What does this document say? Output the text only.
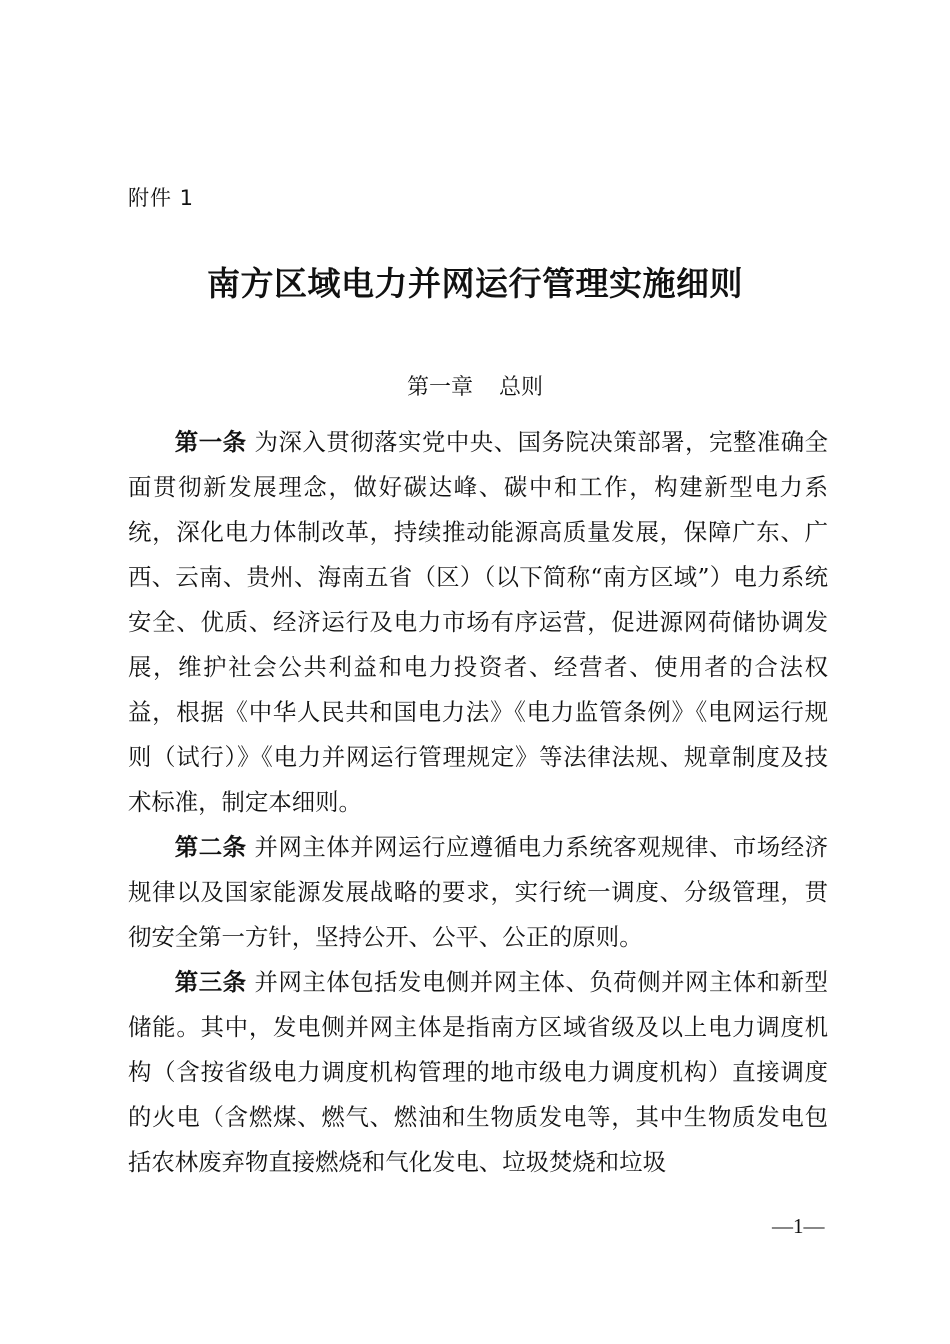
附件 1
南方区域电力并网运行管理实施细则
第一章 总则

第一条 为深入贯彻落实党中央、国务院决策部署，完整准确全面贯彻新发展理念，做好碳达峰、碳中和工作，构建新型电力系统，深化电力体制改革，持续推动能源高质量发展，保障广东、广西、云南、贵州、海南五省（区）（以下简称“南方区域”）电力系统安全、优质、经济运行及电力市场有序运营，促进源网荷储协调发展，维护社会公共利益和电力投资者、经营者、使用者的合法权益，根据《中华人民共和国电力法》《电力监管条例》《电网运行规则（试行）》《电力并网运行管理规定》等法律法规、规章制度及技术标准，制定本细则。

第二条 并网主体并网运行应遵循电力系统客观规律、市场经济规律以及国家能源发展战略的要求，实行统一调度、分级管理，贯彻安全第一方针，坚持公开、公平、公正的原则。

第三条 并网主体包括发电侧并网主体、负荷侧并网主体和新型储能。其中，发电侧并网主体是指南方区域省级及以上电力调度机构（含按省级电力调度机构管理的地市级电力调度机构）直接调度的火电（含燃煤、燃气、燃油和生物质发电等，其中生物质发电包括农林废弃物直接燃烧和气化发电、垃圾焚烧和垃圾

—1—
